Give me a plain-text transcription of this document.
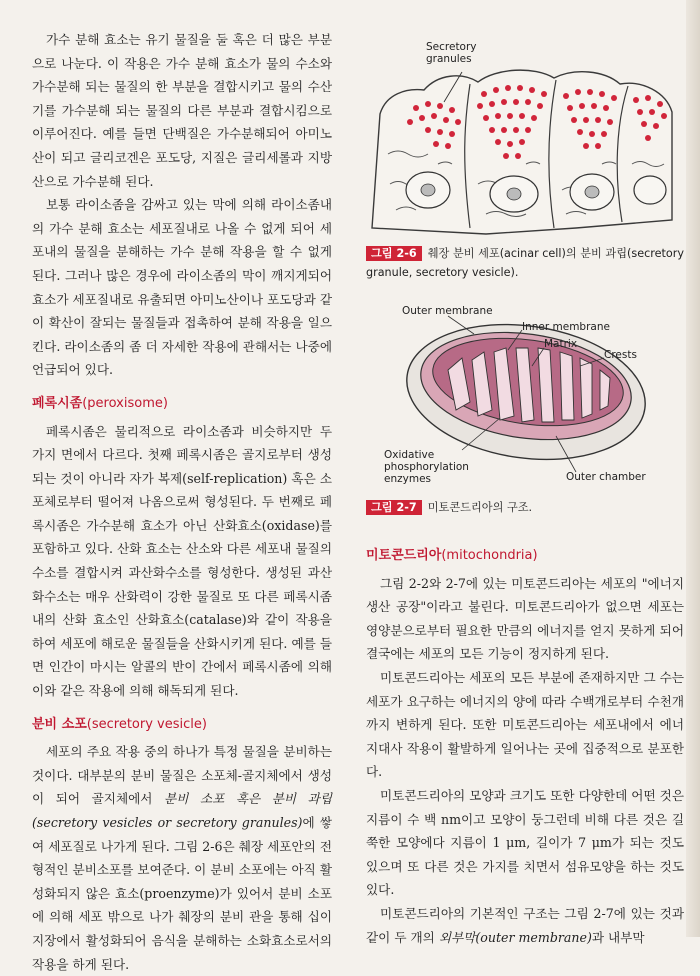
가수 분해 효소는 유기 물질을 둘 혹은 더 많은 부분으로 나눈다. 이 작용은 가수 분해 효소가 물의 수소와 가수분해 되는 물질의 한 부분을 결합시키고 물의 수산기를 가수분해 되는 물질의 다른 부분과 결합시킴으로 이루어진다. 예를 들면 단백질은 가수분해되어 아미노산이 되고 글리코겐은 포도당, 지질은 글리세롤과 지방산으로 가수분해 된다.

보통 라이소좀을 감싸고 있는 막에 의해 라이소좀내의 가수 분해 효소는 세포질내로 나올 수 없게 되어 세포내의 물질을 분해하는 가수 분해 작용을 할 수 없게 된다. 그러나 많은 경우에 라이소좀의 막이 깨지게되어 효소가 세포질내로 유출되면 아미노산이나 포도당과 같이 확산이 잘되는 물질들과 접촉하여 분해 작용을 일으킨다. 라이소좀의 좀 더 자세한 작용에 관해서는 나중에 언급되어 있다.

페록시좀(peroxisome)

페록시좀은 물리적으로 라이소좀과 비슷하지만 두 가지 면에서 다르다. 첫째 페록시좀은 골지로부터 생성되는 것이 아니라 자가 복제(self-replication) 혹은 소포체로부터 떨어져 나옴으로써 형성된다. 두 번째로 페록시좀은 가수분해 효소가 아닌 산화효소(oxidase)를 포함하고 있다. 산화 효소는 산소와 다른 세포내 물질의 수소를 결합시켜 과산화수소를 형성한다. 생성된 과산화수소는 매우 산화력이 강한 물질로 또 다른 페록시좀 내의 산화 효소인 산화효소(catalase)와 같이 작용을 하여 세포에 해로운 물질들을 산화시키게 된다. 예를 들면 인간이 마시는 알콜의 반이 간에서 페록시좀에 의해 이와 같은 작용에 의해 해독되게 된다.

분비 소포(secretory vesicle)

세포의 주요 작용 중의 하나가 특정 물질을 분비하는 것이다. 대부분의 분비 물질은 소포체-골지체에서 생성이 되어 골지체에서 분비 소포 혹은 분비 과립(secretory vesicles or secretory granules)에 쌓여 세포질로 나가게 된다. 그림 2-6은 췌장 세포안의 전형적인 분비소포를 보여준다. 이 분비 소포에는 아직 활성화되지 않은 효소(proenzyme)가 있어서 분비 소포에 의해 세포 밖으로 나가 췌장의 분비 관을 통해 십이지장에서 활성화되어 음식을 분해하는 소화효소로서의 작용을 하게 된다.

Secretory
granules
그림 2-6 췌장 분비 세포(acinar cell)의 분비 과립(secretory granule, secretory vesicle).
Outer membrane
Inner membrane
Matrix
Crests
Oxidative
phosphorylation
enzymes	Outer chamber
그림 2-7 미토콘드리아의 구조.
미토콘드리아(mitochondria)

그림 2-2와 2-7에 있는 미토콘드리아는 세포의 "에너지 생산 공장"이라고 불린다. 미토콘드리아가 없으면 세포는 영양분으로부터 필요한 만큼의 에너지를 얻지 못하게 되어 결국에는 세포의 모든 기능이 정지하게 된다.

미토콘드리아는 세포의 모든 부분에 존재하지만 그 수는 세포가 요구하는 에너지의 양에 따라 수백개로부터 수천개까지 변하게 된다. 또한 미토콘드리아는 세포내에서 에너지대사 작용이 활발하게 일어나는 곳에 집중적으로 분포한다.

미토콘드리아의 모양과 크기도 또한 다양한데 어떤 것은 지름이 수 백 nm이고 모양이 둥그런데 비해 다른 것은 길쭉한 모양에다 지름이 1 μm, 길이가 7 μm가 되는 것도 있으며 또 다른 것은 가지를 치면서 섬유모양을 하는 것도 있다.

미토콘드리아의 기본적인 구조는 그림 2-7에 있는 것과 같이 두 개의 외부막(outer membrane)과 내부막
